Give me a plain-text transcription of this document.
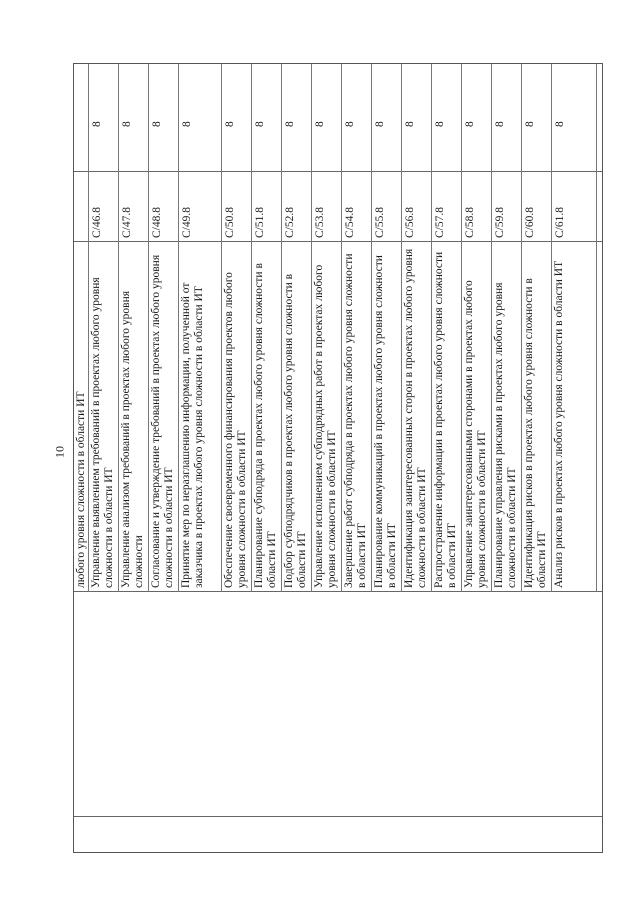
10 любого уровня сложности в области ИТ Управление выявлением требований в проектах любого уровня сложности в области ИТ
C/46.8
8
Управление анализом требований в проектах любого уровня сложности
C/47.8
8
Согласование и утверждение требований в проектах любого уровня сложности в области ИТ
C/48.8
8
Принятие мер по неразглашению информации, полученной от заказчика в проектах любого уровня сложности в области ИТ
C/49.8
8
Обеспечение своевременного финансирования проектов любого уровня сложности в области ИТ
C/50.8
8
Планирование субподряда в проектах любого уровня сложности в области ИТ
C/51.8
8
Подбор субподрядчиков в проектах любого уровня сложности в области ИТ
C/52.8
8
Управление исполнением субподрядных работ в проектах любого уровня сложности в области ИТ
C/53.8
8
Завершение работ субподряда в проектах любого уровня сложности в области ИТ
C/54.8
8
Планирование коммуникаций в проектах любого уровня сложности в области ИТ
C/55.8
8
Идентификация заинтересованных сторон в проектах любого уровня сложности в области ИТ
C/56.8
8
Распространение информации в проектах любого уровня сложности в области ИТ
C/57.8
8
Управление заинтересованными сторонами в проектах любого уровня сложности в области ИТ
C/58.8
8
Планирование управления рисками в проектах любого уровня сложности в области ИТ
C/59.8
8
Идентификация рисков в проектах любого уровня сложности в области ИТ
C/60.8
8
Анализ рисков в проектах любого уровня сложности в области ИТ
C/61.8
8
